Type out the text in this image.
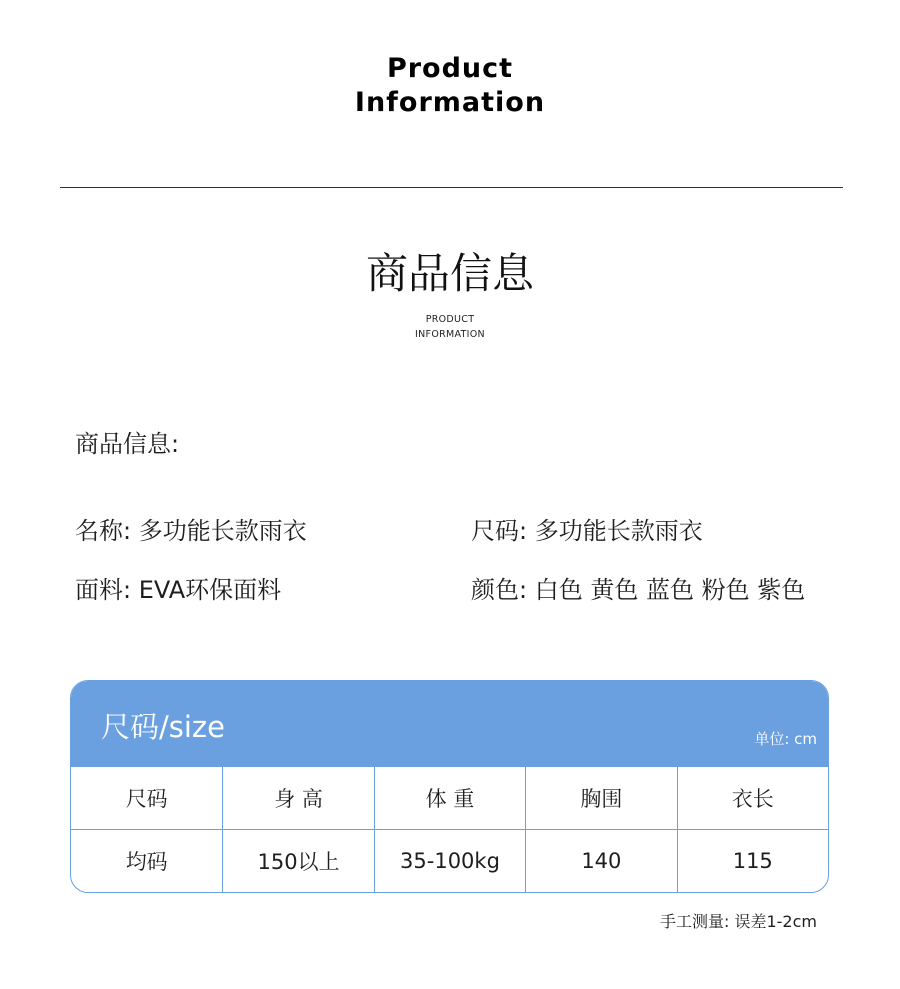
Product
Information
商品信息
PRODUCT
INFORMATION
商品信息:
名称: 多功能长款雨衣	尺码: 多功能长款雨衣
面料: EVA环保面料	颜色: 白色 黄色 蓝色 粉色 紫色
尺码/size	单位: cm
尺码	身 高	体 重	胸围	衣长
均码	150以上	35-100kg	140	115
手工测量: 误差1-2cm
